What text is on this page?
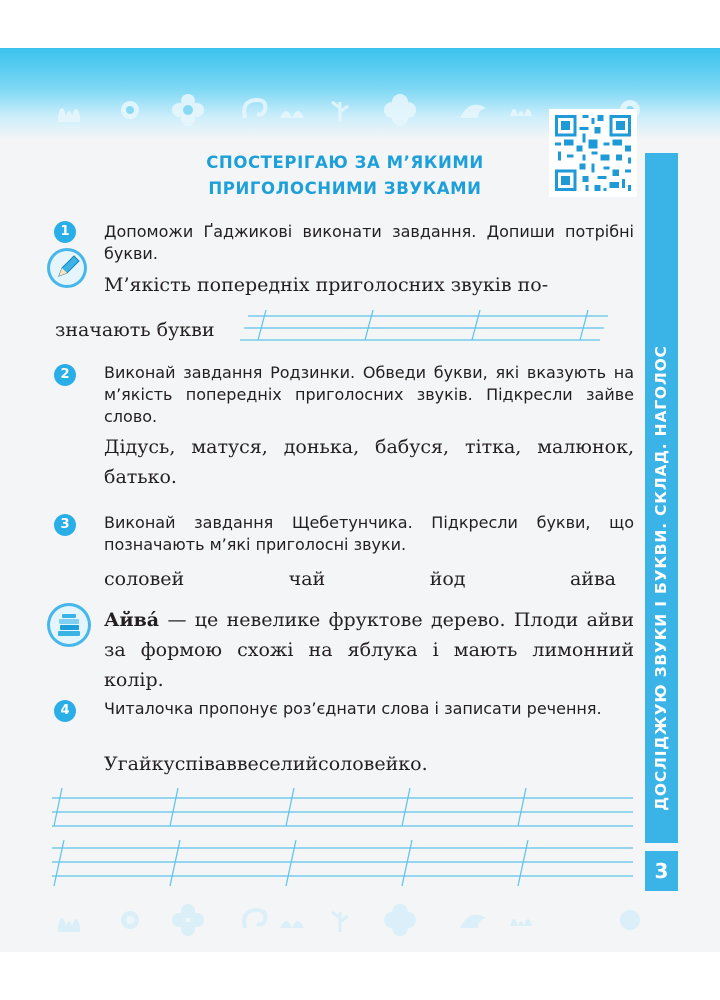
СПОСТЕРІГАЮ ЗА М’ЯКИМИ
ПРИГОЛОСНИМИ ЗВУКАМИ
ДОСЛІДЖУЮ ЗВУКИ І БУКВИ. СКЛАД. НАГОЛОС
3
1	Допоможи Ґаджикові виконати завдання. Допиши потрібні букви.
М’якість попередніх приголосних звуків по-
значають букви
2	Виконай завдання Родзинки. Обведи букви, які вказують на м’якість попередніх приголосних звуків. Підкресли зайве слово.
Дідусь, матуся, донька, бабуся, тітка, малюнок, батько.
3	Виконай завдання Щебетунчика. Підкресли букви, що позначають м’які приголосні звуки.
соловей	чай	йод	айва
Айва́ — це невелике фруктове дерево. Плоди айви за формою схожі на яблука і мають лимонний колір.
4	Читалочка пропонує роз’єднати слова і записати речення.
Угайкуспіваввеселийсоловейко.
